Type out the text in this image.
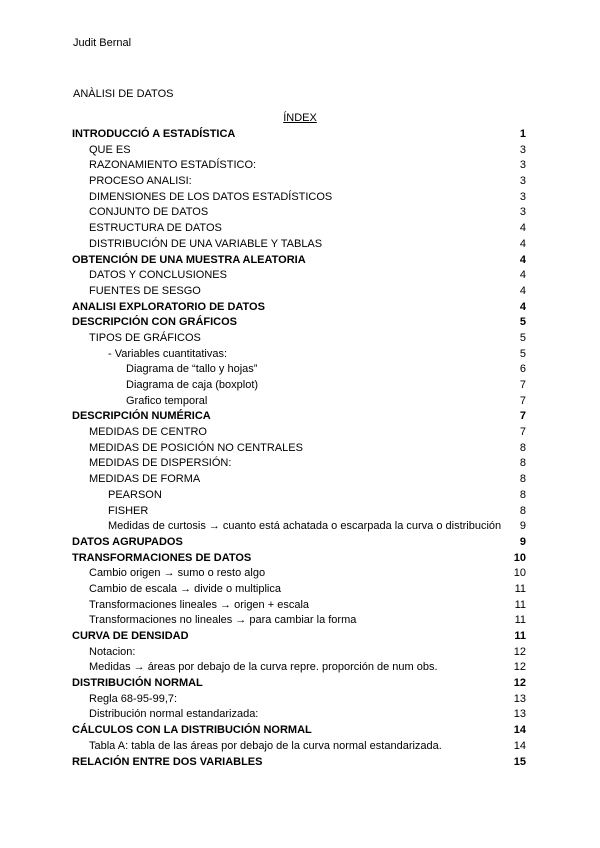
Judit Bernal
ANÀLISI DE DATOS
ÍNDEX
INTRODUCCIÓ A ESTADÍSTICA	1
QUE ES	3
RAZONAMIENTO ESTADÍSTICO:	3
PROCESO ANALISI:	3
DIMENSIONES DE LOS DATOS ESTADÍSTICOS	3
CONJUNTO DE DATOS	3
ESTRUCTURA DE DATOS	4
DISTRIBUCIÓN DE UNA VARIABLE Y TABLAS	4
OBTENCIÓN DE UNA MUESTRA ALEATORIA	4
DATOS Y CONCLUSIONES	4
FUENTES DE SESGO	4
ANALISI EXPLORATORIO DE DATOS	4
DESCRIPCIÓN CON GRÁFICOS	5
TIPOS DE GRÁFICOS	5
- Variables cuantitativas:	5
Diagrama de “tallo y hojas”	6
Diagrama de caja (boxplot)	7
Grafico temporal	7
DESCRIPCIÓN NUMÉRICA	7
MEDIDAS DE CENTRO	7
MEDIDAS DE POSICIÓN NO CENTRALES	8
MEDIDAS DE DISPERSIÓN:	8
MEDIDAS DE FORMA	8
PEARSON	8
FISHER	8
Medidas de curtosis → cuanto está achatada o escarpada la curva o distribución 9
DATOS AGRUPADOS	9
TRANSFORMACIONES DE DATOS	10
Cambio origen → sumo o resto algo	10
Cambio de escala → divide o multiplica	11
Transformaciones lineales → origen + escala	11
Transformaciones no lineales → para cambiar la forma	11
CURVA DE DENSIDAD	11
Notacion:	12
Medidas → áreas por debajo de la curva repre. proporción de num obs.	12
DISTRIBUCIÓN NORMAL	12
Regla 68-95-99,7:	13
Distribución normal estandarizada:	13
CÁLCULOS CON LA DISTRIBUCIÓN NORMAL	14
Tabla A: tabla de las áreas por debajo de la curva normal estandarizada.	14
RELACIÓN ENTRE DOS VARIABLES	15
